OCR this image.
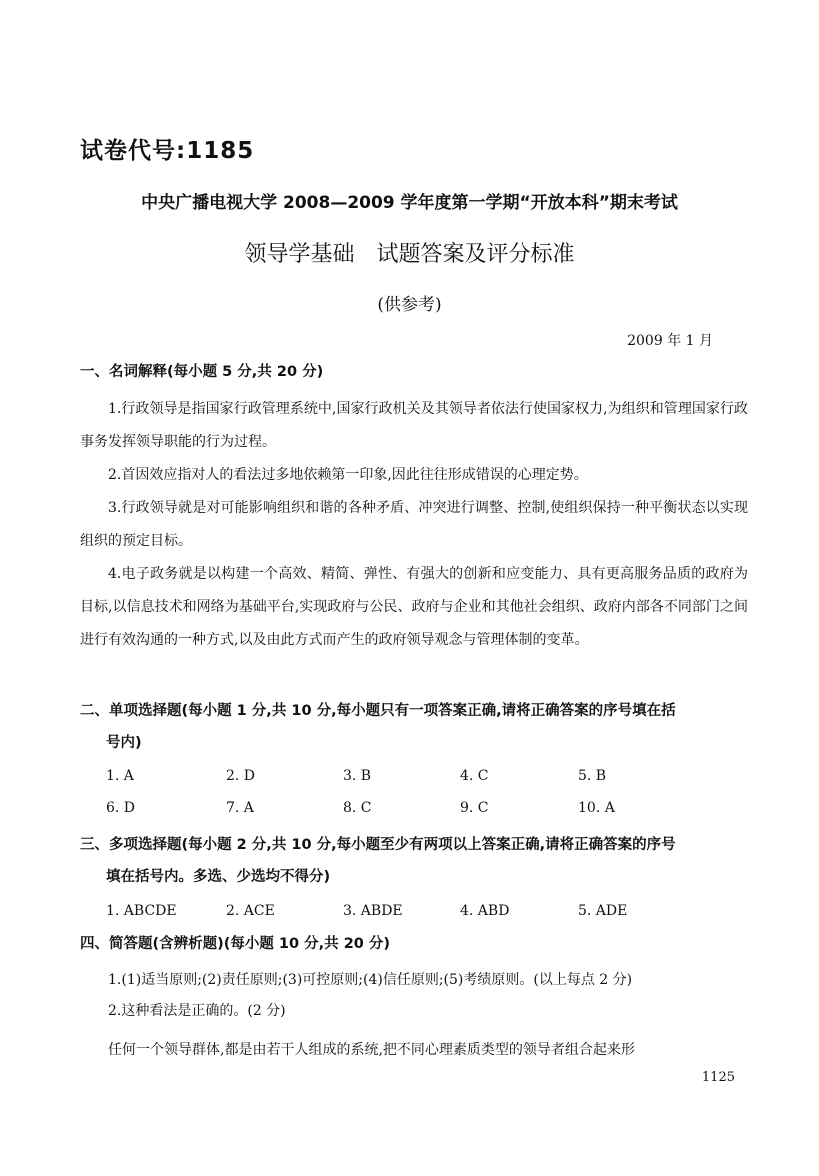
试卷代号:1185
中央广播电视大学 2008—2009 学年度第一学期“开放本科”期末考试
领导学基础　试题答案及评分标准
(供参考)
2009 年 1 月
一、名词解释(每小题 5 分,共 20 分)
1.行政领导是指国家行政管理系统中,国家行政机关及其领导者依法行使国家权力,为组织和管理国家行政事务发挥领导职能的行为过程。
2.首因效应指对人的看法过多地依赖第一印象,因此往往形成错误的心理定势。
3.行政领导就是对可能影响组织和谐的各种矛盾、冲突进行调整、控制,使组织保持一种平衡状态以实现组织的预定目标。
4.电子政务就是以构建一个高效、精简、弹性、有强大的创新和应变能力、具有更高服务品质的政府为目标,以信息技术和网络为基础平台,实现政府与公民、政府与企业和其他社会组织、政府内部各不同部门之间进行有效沟通的一种方式,以及由此方式而产生的政府领导观念与管理体制的变革。
二、单项选择题(每小题 1 分,共 10 分,每小题只有一项答案正确,请将正确答案的序号填在括
号内)
1. A	2. D	3. B	4. C	5. B
6. D	7. A	8. C	9. C	10. A
三、多项选择题(每小题 2 分,共 10 分,每小题至少有两项以上答案正确,请将正确答案的序号
填在括号内。多选、少选均不得分)
1. ABCDE	2. ACE	3. ABDE	4. ABD	5. ADE
四、简答题(含辨析题)(每小题 10 分,共 20 分)
1.(1)适当原则;(2)责任原则;(3)可控原则;(4)信任原则;(5)考绩原则。(以上每点 2 分)
2.这种看法是正确的。(2 分)
任何一个领导群体,都是由若干人组成的系统,把不同心理素质类型的领导者组合起来形
1125
